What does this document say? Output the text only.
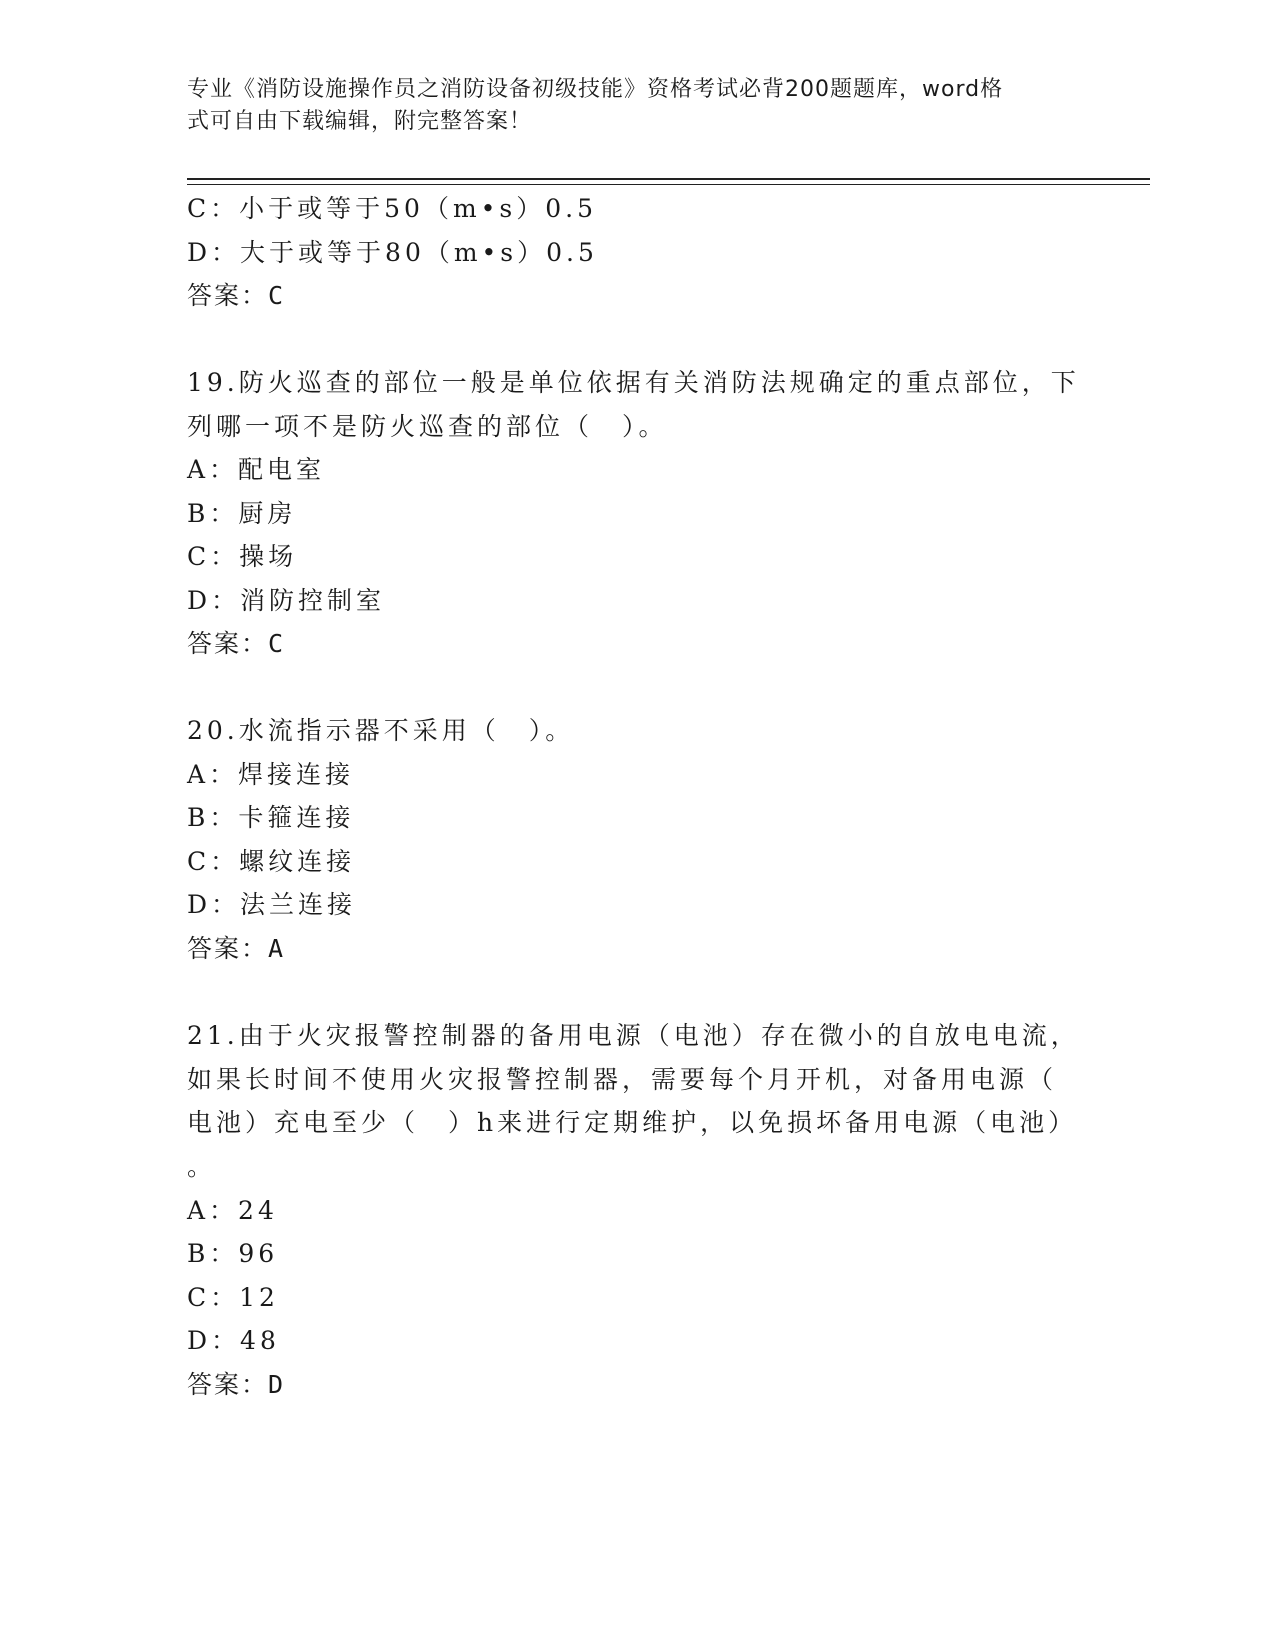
专业《消防设施操作员之消防设备初级技能》资格考试必背200题题库，word格
式可自由下载编辑，附完整答案！
C：小于或等于50（m•s）0.5
D：大于或等于80（m•s）0.5
答案：C
19.防火巡查的部位一般是单位依据有关消防法规确定的重点部位，下
列哪一项不是防火巡查的部位（　）。
A：配电室
B：厨房
C：操场
D：消防控制室
答案：C
20.水流指示器不采用（　）。
A：焊接连接
B：卡箍连接
C：螺纹连接
D：法兰连接
答案：A
21.由于火灾报警控制器的备用电源（电池）存在微小的自放电电流，
如果长时间不使用火灾报警控制器，需要每个月开机，对备用电源（
电池）充电至少（　）h来进行定期维护，以免损坏备用电源（电池）
。
A：24
B：96
C：12
D：48
答案：D
